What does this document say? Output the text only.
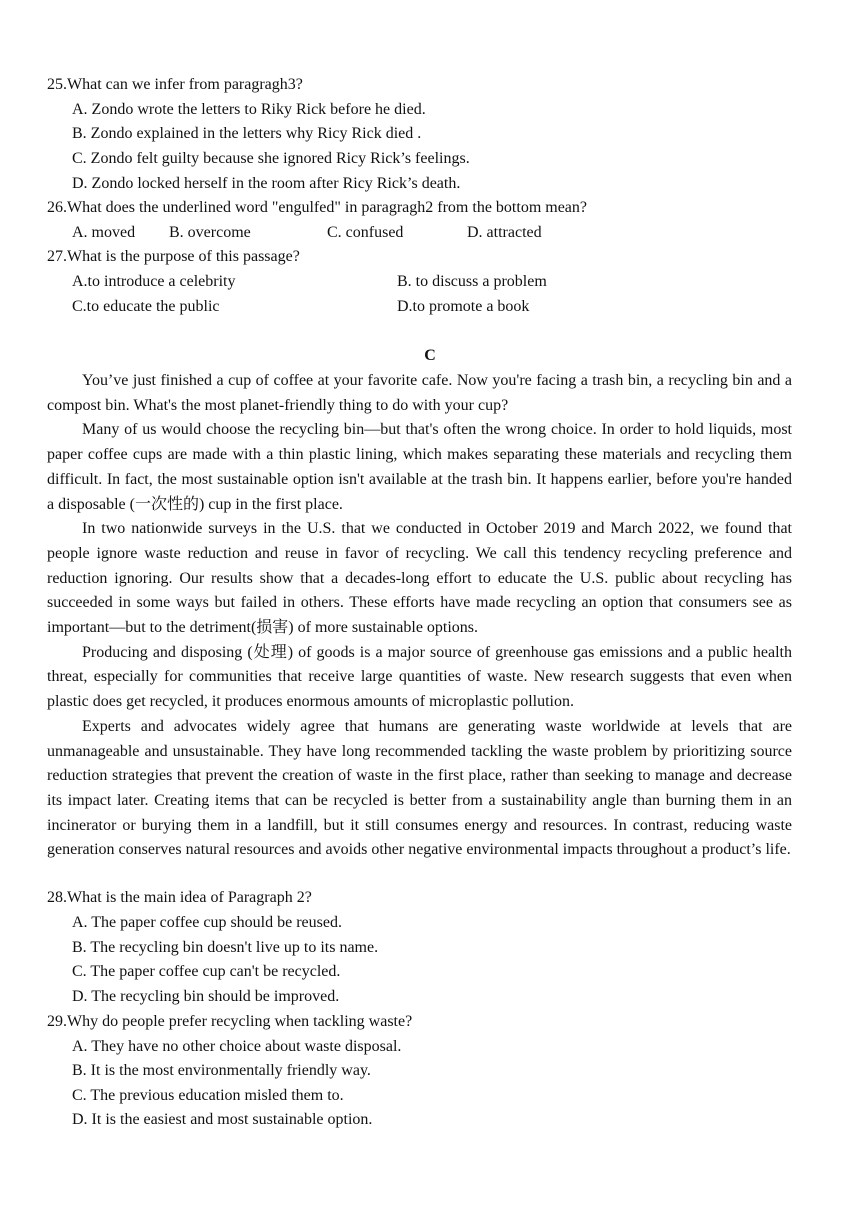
25.What can we infer from paragragh3?
A. Zondo wrote the letters to Riky Rick before he died.
B. Zondo explained in the letters why Ricy Rick died .
C. Zondo felt guilty because she ignored Ricy Rick’s feelings.
D. Zondo locked herself in the room after Ricy Rick’s death.
26.What does the underlined word "engulfed" in paragragh2 from the bottom mean?
A. moved B. overcome	C. confused	D. attracted
27.What is the purpose of this passage?
A.to introduce a celebrity	B. to discuss a problem
C.to educate the public	D.to promote a book
C

You’ve just finished a cup of coffee at your favorite cafe. Now you're facing a trash bin, a recycling bin and a compost bin. What's the most planet-friendly thing to do with your cup?

Many of us would choose the recycling bin—but that's often the wrong choice. In order to hold liquids, most paper coffee cups are made with a thin plastic lining, which makes separating these materials and recycling them difficult. In fact, the most sustainable option isn't available at the trash bin. It happens earlier, before you're handed a disposable (一次性的) cup in the first place.

In two nationwide surveys in the U.S. that we conducted in October 2019 and March 2022, we found that people ignore waste reduction and reuse in favor of recycling. We call this tendency recycling preference and reduction ignoring. Our results show that a decades-long effort to educate the U.S. public about recycling has succeeded in some ways but failed in others. These efforts have made recycling an option that consumers see as important—but to the detriment(损害) of more sustainable options.

Producing and disposing (处理) of goods is a major source of greenhouse gas emissions and a public health threat, especially for communities that receive large quantities of waste. New research suggests that even when plastic does get recycled, it produces enormous amounts of microplastic pollution.

Experts and advocates widely agree that humans are generating waste worldwide at levels that are unmanageable and unsustainable. They have long recommended tackling the waste problem by prioritizing source reduction strategies that prevent the creation of waste in the first place, rather than seeking to manage and decrease its impact later. Creating items that can be recycled is better from a sustainability angle than burning them in an incinerator or burying them in a landfill, but it still consumes energy and resources. In contrast, reducing waste generation conserves natural resources and avoids other negative environmental impacts throughout a product’s life.

28.What is the main idea of Paragraph 2?
A. The paper coffee cup should be reused.
B. The recycling bin doesn't live up to its name.
C. The paper coffee cup can't be recycled.
D. The recycling bin should be improved.
29.Why do people prefer recycling when tackling waste?
A. They have no other choice about waste disposal.
B. It is the most environmentally friendly way.
C. The previous education misled them to.
D. It is the easiest and most sustainable option.
